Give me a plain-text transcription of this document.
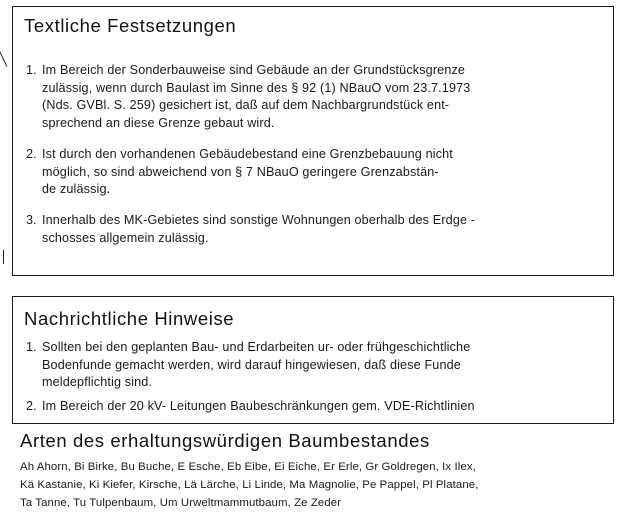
Textliche Festsetzungen
1. Im Bereich der Sonderbauweise sind Gebäude an der Grundstücksgrenze
zulässig, wenn durch Baulast im Sinne des § 92 (1) NBauO vom 23.7.1973
(Nds. GVBl. S. 259) gesichert ist, daß auf dem Nachbargrundstück ent-
sprechend an diese Grenze gebaut wird.
2. Ist durch den vorhandenen Gebäudebestand eine Grenzbebauung nicht
möglich, so sind abweichend von § 7 NBauO geringere Grenzabstän-
de zulässig.
3. Innerhalb des MK-Gebietes sind sonstige Wohnungen oberhalb des Erdge -
schosses allgemein zulässig.
Nachrichtliche Hinweise
1. Sollten bei den geplanten Bau- und Erdarbeiten ur- oder frühgeschichtliche
Bodenfunde gemacht werden, wird darauf hingewiesen, daß diese Funde
meldepflichtig sind.
2. Im Bereich der 20 kV- Leitungen Baubeschränkungen gem. VDE-Richtlinien
Arten des erhaltungswürdigen Baumbestandes
Ah Ahorn, Bi Birke, Bu Buche, E Esche, Eb Eibe, Ei Eiche, Er Erle, Gr Goldregen, Ix Ilex,
Kä Kastanie, Ki Kiefer, Kirsche, Lä Lärche, Li Linde, Ma Magnolie, Pe Pappel, Pl Platane,
Ta Tanne, Tu Tulpenbaum, Um Urweltmammutbaum, Ze Zeder
